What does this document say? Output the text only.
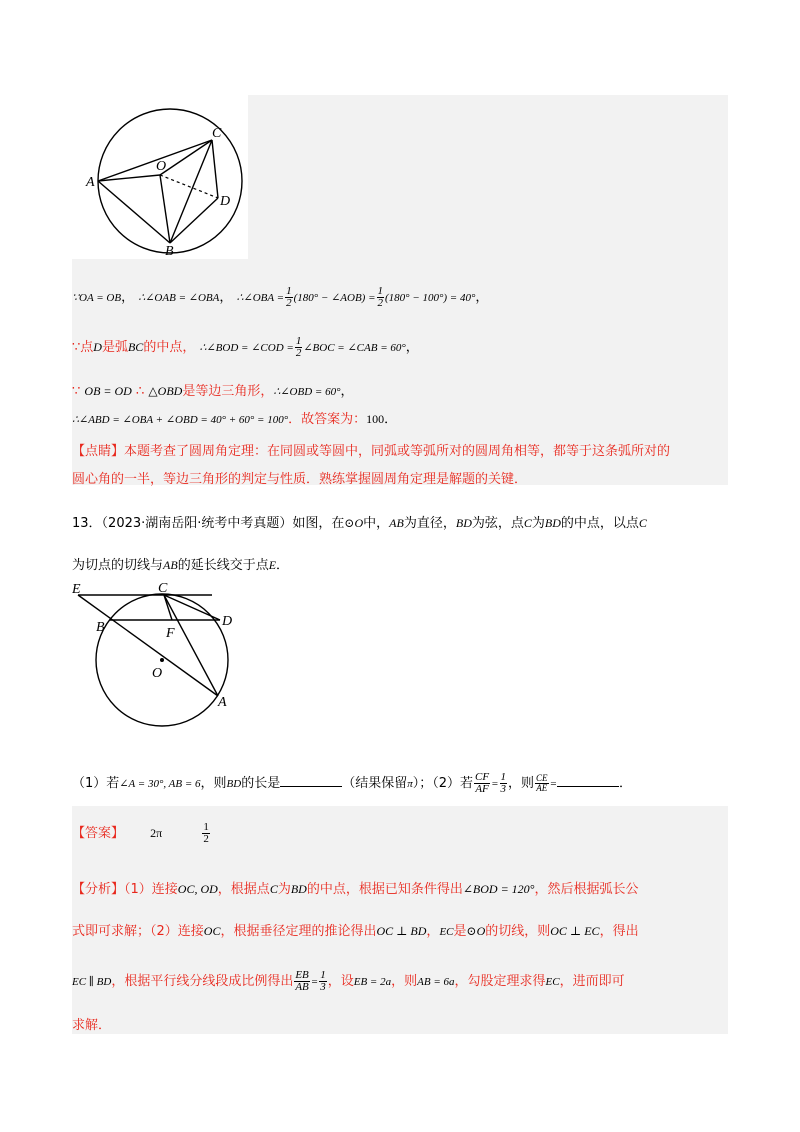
A
O
C
D
B
∵OA = OB， ∴∠OAB = ∠OBA， ∴∠OBA = $\frac{1}{2} (180^\circ$ − ∠AOB) = $\frac{1}{2} (180^\circ - 100^\circ) = 40^\circ$，
∵点D是弧BC的中点， ∴∠BOD = ∠COD = $\frac{1}{2}$ ∠BOC = ∠CAB = 60°，
∵ OB = OD ∴ △OBD是等边三角形，∴∠OBD = 60°，
∴∠ABD = ∠OBA + ∠OBD = 40° + 60° = 100°．故答案为：100．
【点睛】本题考查了圆周角定理：在同圆或等圆中，同弧或等弧所对的圆周角相等，都等于这条弧所对的
圆心角的一半，等边三角形的判定与性质．熟练掌握圆周角定理是解题的关键．
13．（2023·湖南岳阳·统考中考真题）如图，在⊙O中，AB为直径，BD为弦，点C为BD的中点，以点C
为切点的切线与AB的延长线交于点E．
E	C
D
B	F
O
A
（1）若∠A = 30°, AB = 6，则BD的长是	（结果保留π）；（2）若 $\frac{CF}{AF} = \frac{1}{3}$ ，则 $\frac{CE}{AE}$ =	．
【答案】 2π	$\frac{1}{2}$
【分析】（1）连接OC, OD，根据点C为BD的中点，根据已知条件得出∠BOD = 120°，然后根据弧长公
式即可求解；（2）连接OC，根据垂径定理的推论得出OC ⊥ BD，EC是⊙O的切线，则OC ⊥ EC，得出
EC ∥ BD，根据平行线分线段成比例得出 $\frac{EB}{AB} = \frac{1}{3}$ ，设EB = 2a，则AB = 6a，勾股定理求得EC，进而即可
求解．
